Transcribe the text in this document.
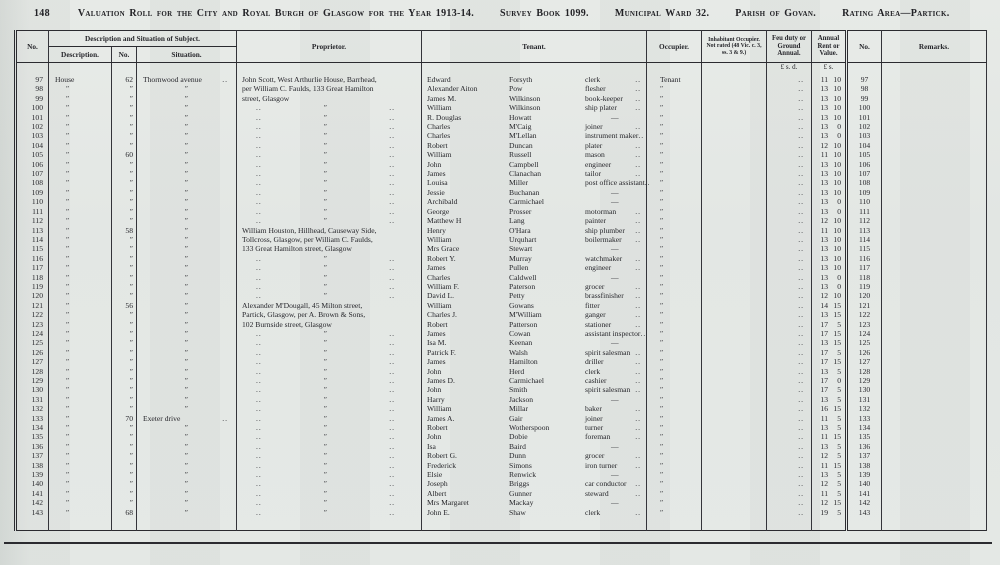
148	Valuation Roll for the City and Royal Burgh of Glasgow for the Year 1913-14.	Survey Book 1099.	Municipal Ward 32.	Parish of Govan.	Rating Area—Partick.
No.	Description and Situation of Subject.			Proprietor.	Tenant.	Occupier.	Inhabitant Occupier. Not rated (48 Vic. c. 3, ss. 3 & 9.)	Feu duty or Ground Annual.	Annual Rent or Value.	No.	Remarks.
	Description.	No.	Situation.								
								£ s. d.	£ s.		
97	House	62	Thornwood avenue ..	John Scott, West Arthurlie House, Barrhead,	Edward Forsyth clerk ..	Tenant		..	11 10	97	
98	″	″	″	per William C. Faulds, 133 Great Hamilton	Alexander Aiton Pow flesher ..	″		..	13 10	98	
99	″	″	″	street, Glasgow	James M. Wilkinson book-keeper ..	″		..	13 10	99	
100	″	″	″	.. ″ ..	William Wilkinson ship plater ..	″		..	13 10	100	
101	″	″	″	.. ″ ..	R. Douglas Howatt —	″		..	13 10	101	
102	″	″	″	.. ″ ..	Charles M'Caig joiner ..	″		..	13 0	102	
103	″	″	″	.. ″ ..	Charles M'Lellan instrument maker ..	″		..	13 0	103	
104	″	″	″	.. ″ ..	Robert Duncan plater ..	″		..	12 10	104	
105	″	60	″	.. ″ ..	William Russell mason ..	″		..	11 10	105	
106	″	″	″	.. ″ ..	John Campbell engineer ..	″		..	13 10	106	
107	″	″	″	.. ″ ..	James Clanachan tailor ..	″		..	13 10	107	
108	″	″	″	.. ″ ..	Louisa Miller post office assistant ..	″		..	13 10	108	
109	″	″	″	.. ″ ..	Jessie Buchanan —	″		..	13 10	109	
110	″	″	″	.. ″ ..	Archibald Carmichael —	″		..	13 0	110	
111	″	″	″	.. ″ ..	George Prosser motorman ..	″		..	13 0	111	
112	″	″	″	.. ″ ..	Matthew H Lang painter ..	″		..	12 10	112	
113	″	58	″	William Houston, Hillhead, Causeway Side,	Henry O'Hara ship plumber ..	″		..	11 10	113	
114	″	″	″	Tollcross, Glasgow, per William C. Faulds,	William Urquhart boilermaker ..	″		..	13 10	114	
115	″	″	″	133 Great Hamilton street, Glasgow	Mrs Grace Stewart —	″		..	13 10	115	
116	″	″	″	.. ″ ..	Robert Y. Murray watchmaker ..	″		..	13 10	116	
117	″	″	″	.. ″ ..	James Pullen engineer ..	″		..	13 10	117	
118	″	″	″	.. ″ ..	Charles Caldwell —	″		..	13 0	118	
119	″	″	″	.. ″ ..	William F. Paterson grocer ..	″		..	13 0	119	
120	″	″	″	.. ″ ..	David L. Petty brassfinisher ..	″		..	12 10	120	
121	″	56	″	Alexander M'Dougall, 45 Milton street,	William Gowans fitter ..	″		..	14 15	121	
122	″	″	″	Partick, Glasgow, per A. Brown & Sons,	Charles J. M'William ganger ..	″		..	13 15	122	
123	″	″	″	102 Burnside street, Glasgow	Robert Patterson stationer ..	″		..	17 5	123	
124	″	″	″	.. ″ ..	James Cowan assistant inspector ..	″		..	17 15	124	
125	″	″	″	.. ″ ..	Isa M. Keenan —	″		..	13 15	125	
126	″	″	″	.. ″ ..	Patrick F. Walsh spirit salesman ..	″		..	17 5	126	
127	″	″	″	.. ″ ..	James Hamilton driller ..	″		..	17 15	127	
128	″	″	″	.. ″ ..	John Herd clerk ..	″		..	13 5	128	
129	″	″	″	.. ″ ..	James D. Carmichael cashier ..	″		..	17 0	129	
130	″	″	″	.. ″ ..	John Smith spirit salesman ..	″		..	17 5	130	
131	″	″	″	.. ″ ..	Harry Jackson —	″		..	13 5	131	
132	″	″	″	.. ″ ..	William Millar baker ..	″		..	16 15	132	
133	″	70	Exeter drive ..	.. ″ ..	James A. Gair joiner ..	″		..	11 5	133	
134	″	″	″	.. ″ ..	Robert Wotherspoon turner ..	″		..	13 5	134	
135	″	″	″	.. ″ ..	John Dobie foreman ..	″		..	11 15	135	
136	″	″	″	.. ″ ..	Isa Baird —	″		..	13 5	136	
137	″	″	″	.. ″ ..	Robert G. Dunn grocer ..	″		..	12 5	137	
138	″	″	″	.. ″ ..	Frederick Simons iron turner ..	″		..	11 15	138	
139	″	″	″	.. ″ ..	Elsie Renwick —	″		..	13 5	139	
140	″	″	″	.. ″ ..	Joseph Briggs car conductor ..	″		..	12 5	140	
141	″	″	″	.. ″ ..	Albert Gunner steward ..	″		..	11 5	141	
142	″	″	″	.. ″ ..	Mrs Margaret Mackay —	″		..	12 15	142	
143	″	68	″	.. ″ ..	John E. Shaw clerk ..	″		..	19 5	143	
